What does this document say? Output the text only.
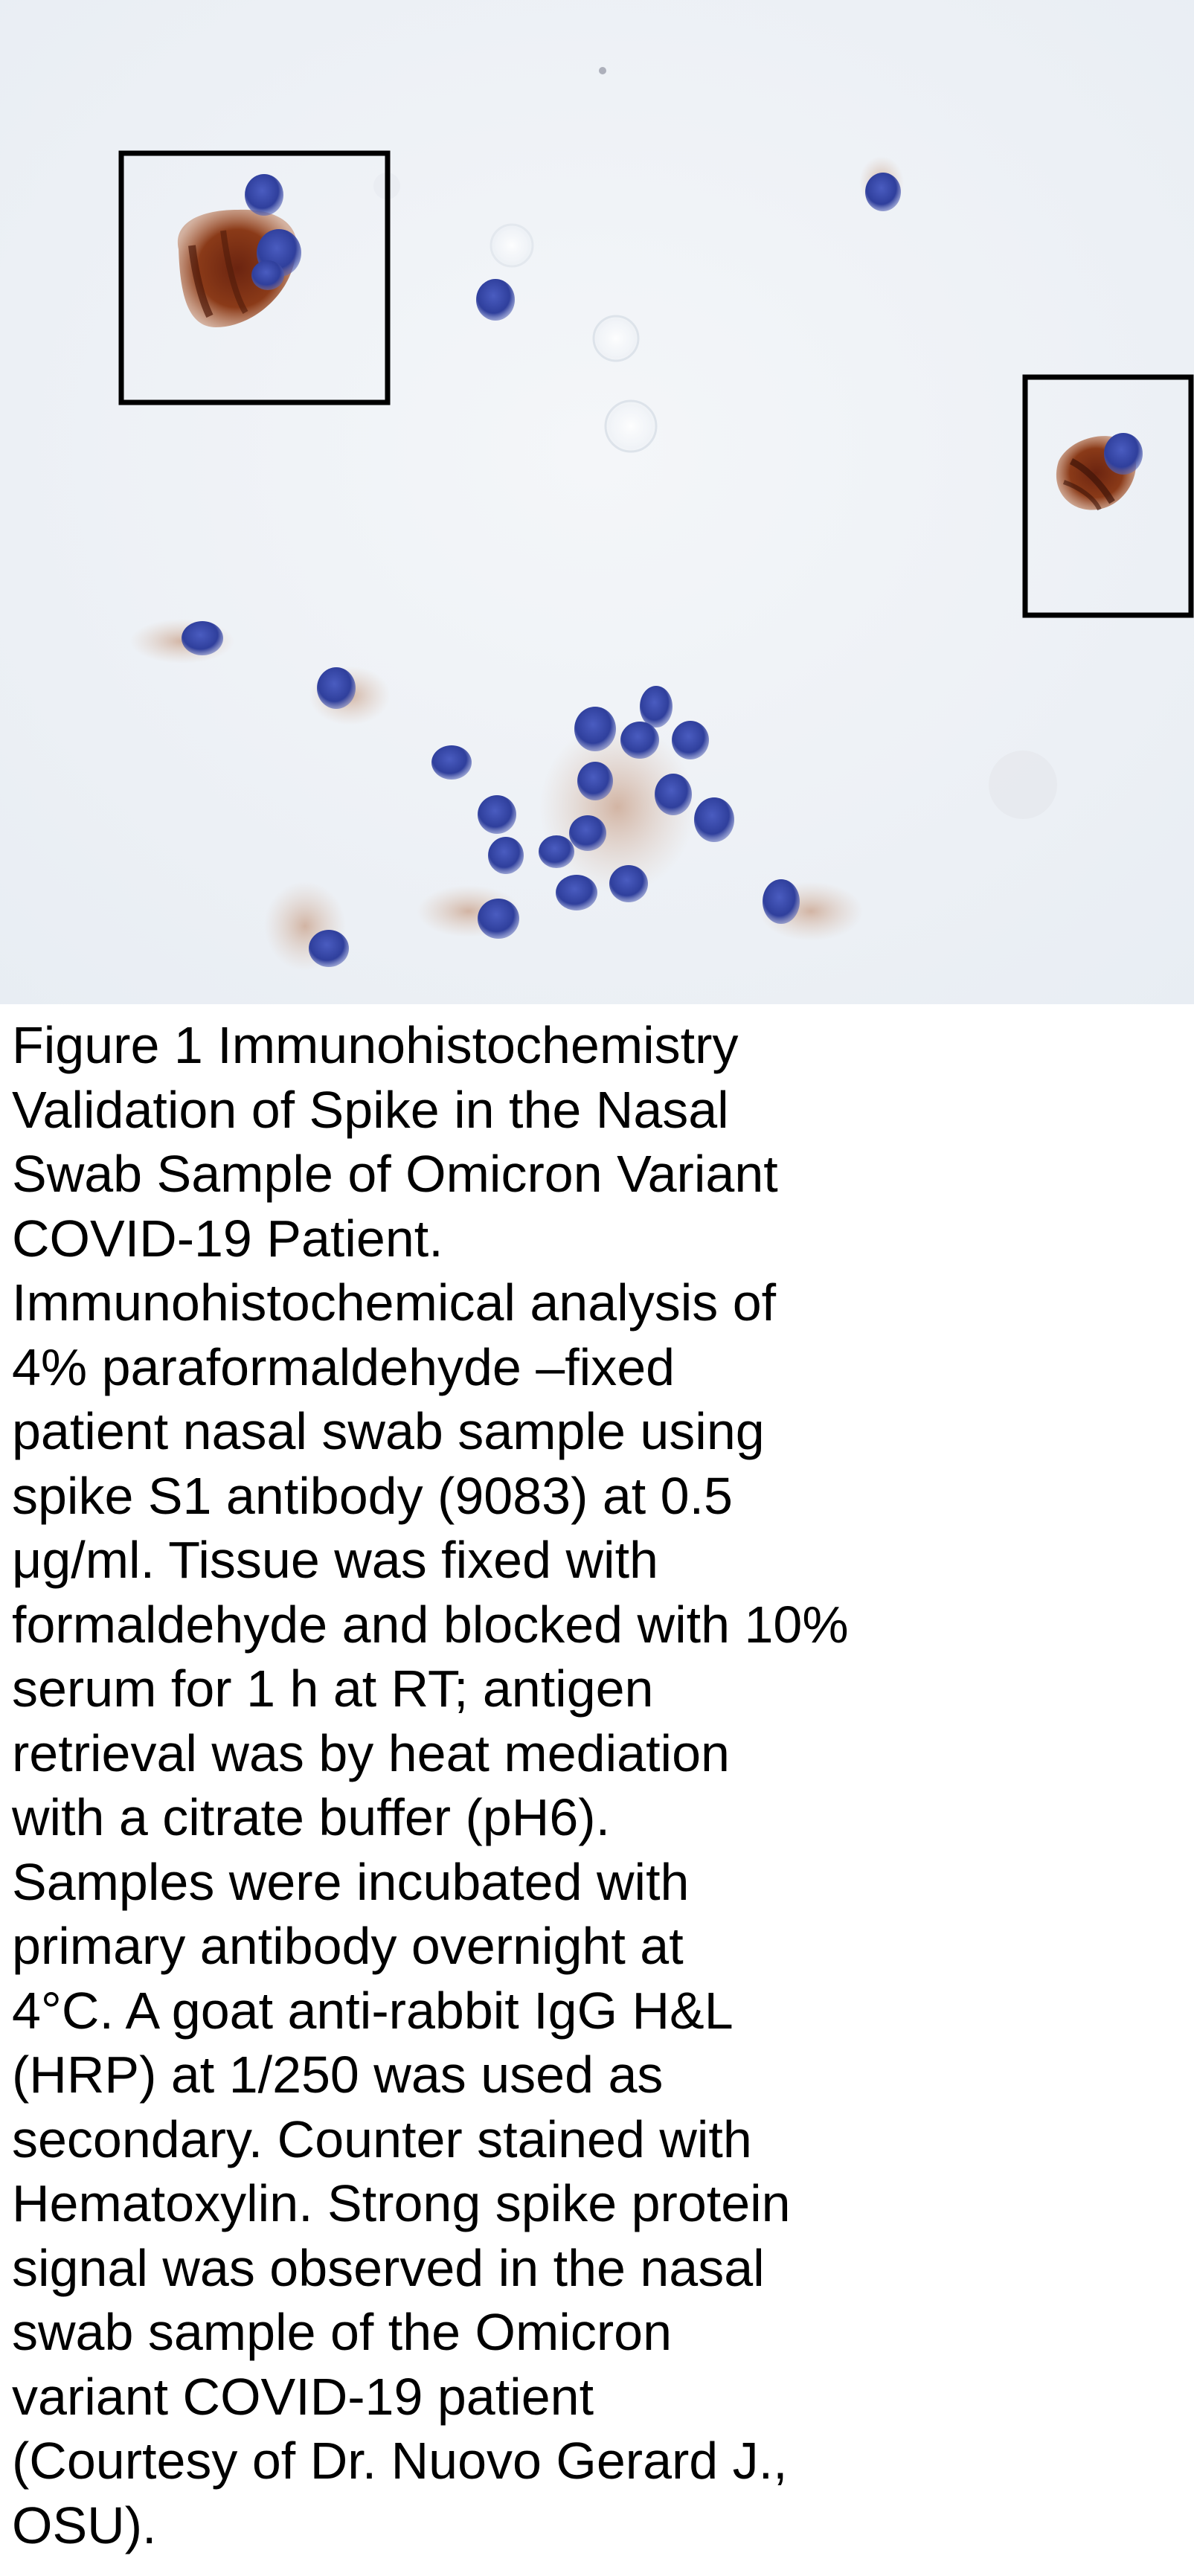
Figure 1 Immunohistochemistry
Validation of Spike in the Nasal
Swab Sample of Omicron Variant
COVID-19 Patient.
Immunohistochemical analysis of
4% paraformaldehyde –fixed
patient nasal swab sample using
spike S1 antibody (9083) at 0.5
μg/ml. Tissue was fixed with
formaldehyde and blocked with 10%
serum for 1 h at RT; antigen
retrieval was by heat mediation
with a citrate buffer (pH6).
Samples were incubated with
primary antibody overnight at
4°C. A goat anti-rabbit IgG H&L
(HRP) at 1/250 was used as
secondary. Counter stained with
Hematoxylin. Strong spike protein
signal was observed in the nasal
swab sample of the Omicron
variant COVID-19 patient
(Courtesy of Dr. Nuovo Gerard J.,
OSU).
